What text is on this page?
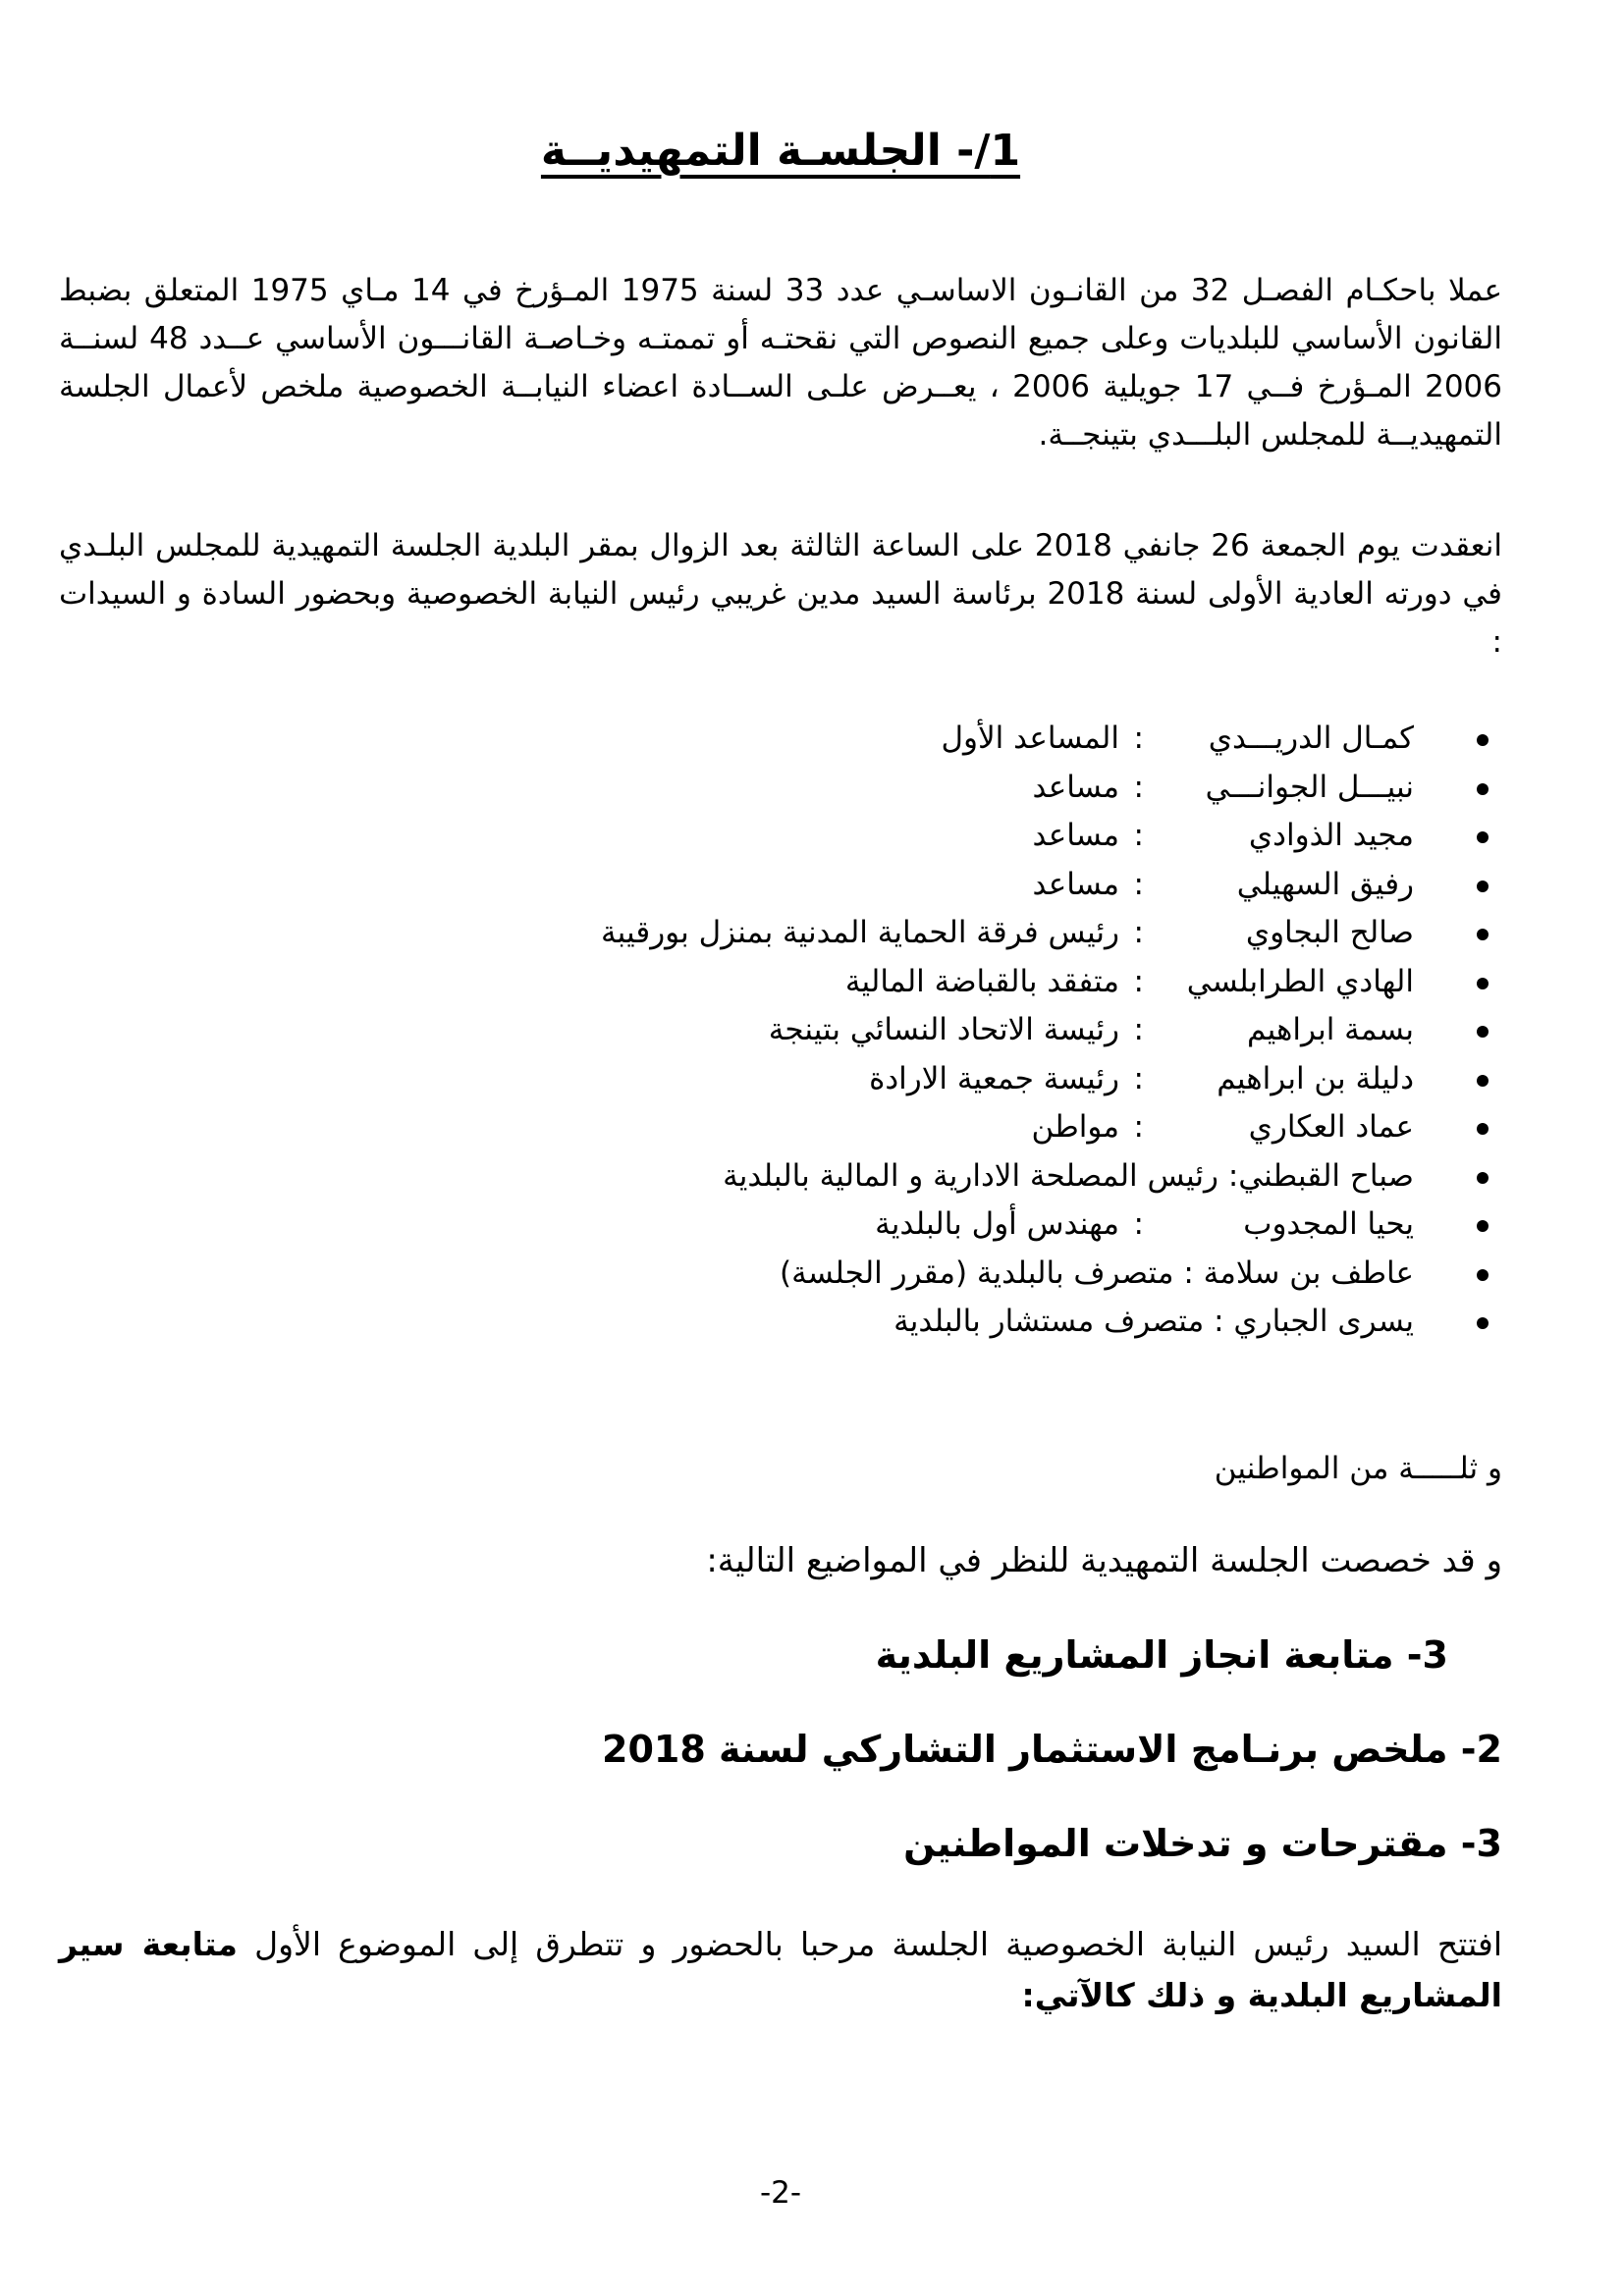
1/- الجلسـة التمهيديــة

عملا باحكـام الفصـل 32 من القانـون الاساسـي عدد 33 لسنة 1975 المـؤرخ في 14 مـاي 1975 المتعلق بضبط القانون الأساسي للبلديات وعلى جميع النصوص التي نقحتـه أو تممتـه وخـاصـة القانـــون الأساسي عــدد 48 لسنــة 2006 المـؤرخ فــي 17 جويلية 2006 ، يعــرض علـى الســادة اعضاء النيابــة الخصوصية ملخص لأعمال الجلسة التمهيديــة للمجلس البلـــدي بتينجــة.

انعقدت يوم الجمعة 26 جانفي 2018 على الساعة الثالثة بعد الزوال بمقر البلدية الجلسة التمهيدية للمجلس البلـدي في دورته العادية الأولى لسنة 2018 برئاسة السيد مدين غريبي رئيس النيابة الخصوصية وبحضور السادة و السيدات :

كمـال الدريـــدي
:
المساعد الأول
نبيـــل الجوانـــي
:
مساعد
مجيد الذوادي
:
مساعد
رفيق السهيلي
:
مساعد
صالح البجاوي
:
رئيس فرقة الحماية المدنية بمنزل بورقيبة
الهادي الطرابلسي
:
متفقد بالقباضة المالية
بسمة ابراهيم
:
رئيسة الاتحاد النسائي بتينجة
دليلة بن ابراهيم
:
رئيسة جمعية الارادة
عماد العكاري
:
مواطن
صباح القبطني: رئيس المصلحة الادارية و المالية بالبلدية
يحيا المجدوب
:
مهندس أول بالبلدية
عاطف بن سلامة : متصرف بالبلدية (مقرر الجلسة)
يسرى الجباري : متصرف مستشار بالبلدية

و ثلـــــة من المواطنين

و قد خصصت الجلسة التمهيدية للنظر في المواضيع التالية:

3- متابعة انجاز المشاريع البلدية

2- ملخص برنـامج الاستثمار التشاركي لسنة 2018

3- مقترحات و تدخلات المواطنين

افتتح السيد رئيس النيابة الخصوصية الجلسة مرحبا بالحضور و تتطرق إلى الموضوع الأول متابعة سير المشاريع البلدية و ذلك كالآتي:

-2-
